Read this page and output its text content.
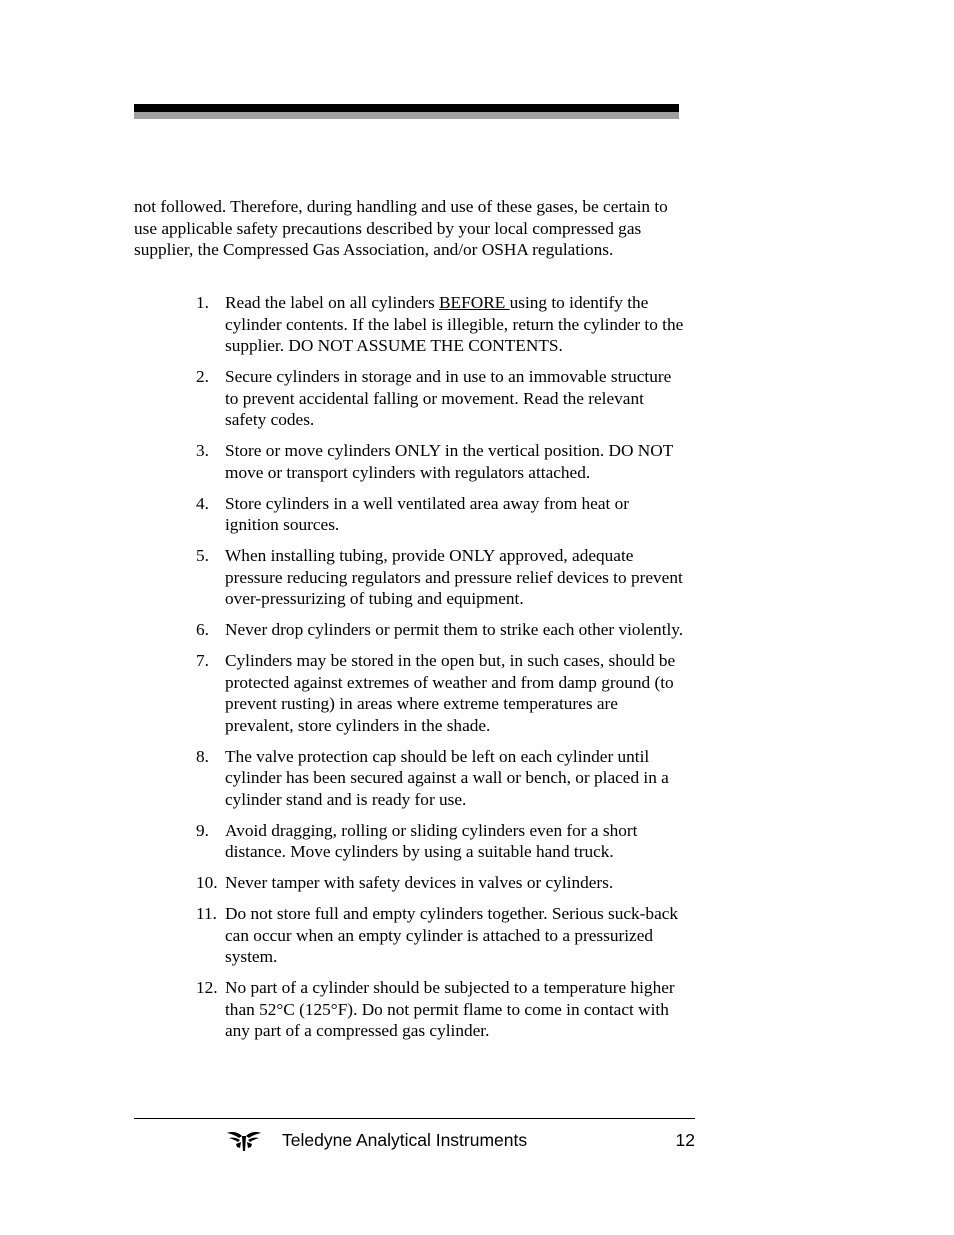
not followed. Therefore, during handling and use of these gases, be certain to use applicable safety precautions described by your local compressed gas supplier, the Compressed Gas Association, and/or OSHA regulations.

1. Read the label on all cylinders BEFORE using to identify the cylinder contents. If the label is illegible, return the cylinder to the supplier. DO NOT ASSUME THE CONTENTS.
2. Secure cylinders in storage and in use to an immovable structure to prevent accidental falling or movement. Read the relevant safety codes.
3. Store or move cylinders ONLY in the vertical position. DO NOT move or transport cylinders with regulators attached.
4. Store cylinders in a well ventilated area away from heat or ignition sources.
5. When installing tubing, provide ONLY approved, adequate pressure reducing regulators and pressure relief devices to prevent over-pressurizing of tubing and equipment.
6. Never drop cylinders or permit them to strike each other violently.
7. Cylinders may be stored in the open but, in such cases, should be protected against extremes of weather and from damp ground (to prevent rusting) in areas where extreme temperatures are prevalent, store cylinders in the shade.
8. The valve protection cap should be left on each cylinder until cylinder has been secured against a wall or bench, or placed in a cylinder stand and is ready for use.
9. Avoid dragging, rolling or sliding cylinders even for a short distance. Move cylinders by using a suitable hand truck.
10. Never tamper with safety devices in valves or cylinders.
11. Do not store full and empty cylinders together. Serious suck-back can occur when an empty cylinder is attached to a pressurized system.
12. No part of a cylinder should be subjected to a temperature higher than 52°C (125°F). Do not permit flame to come in contact with any part of a compressed gas cylinder.
Teledyne Analytical Instruments	12
